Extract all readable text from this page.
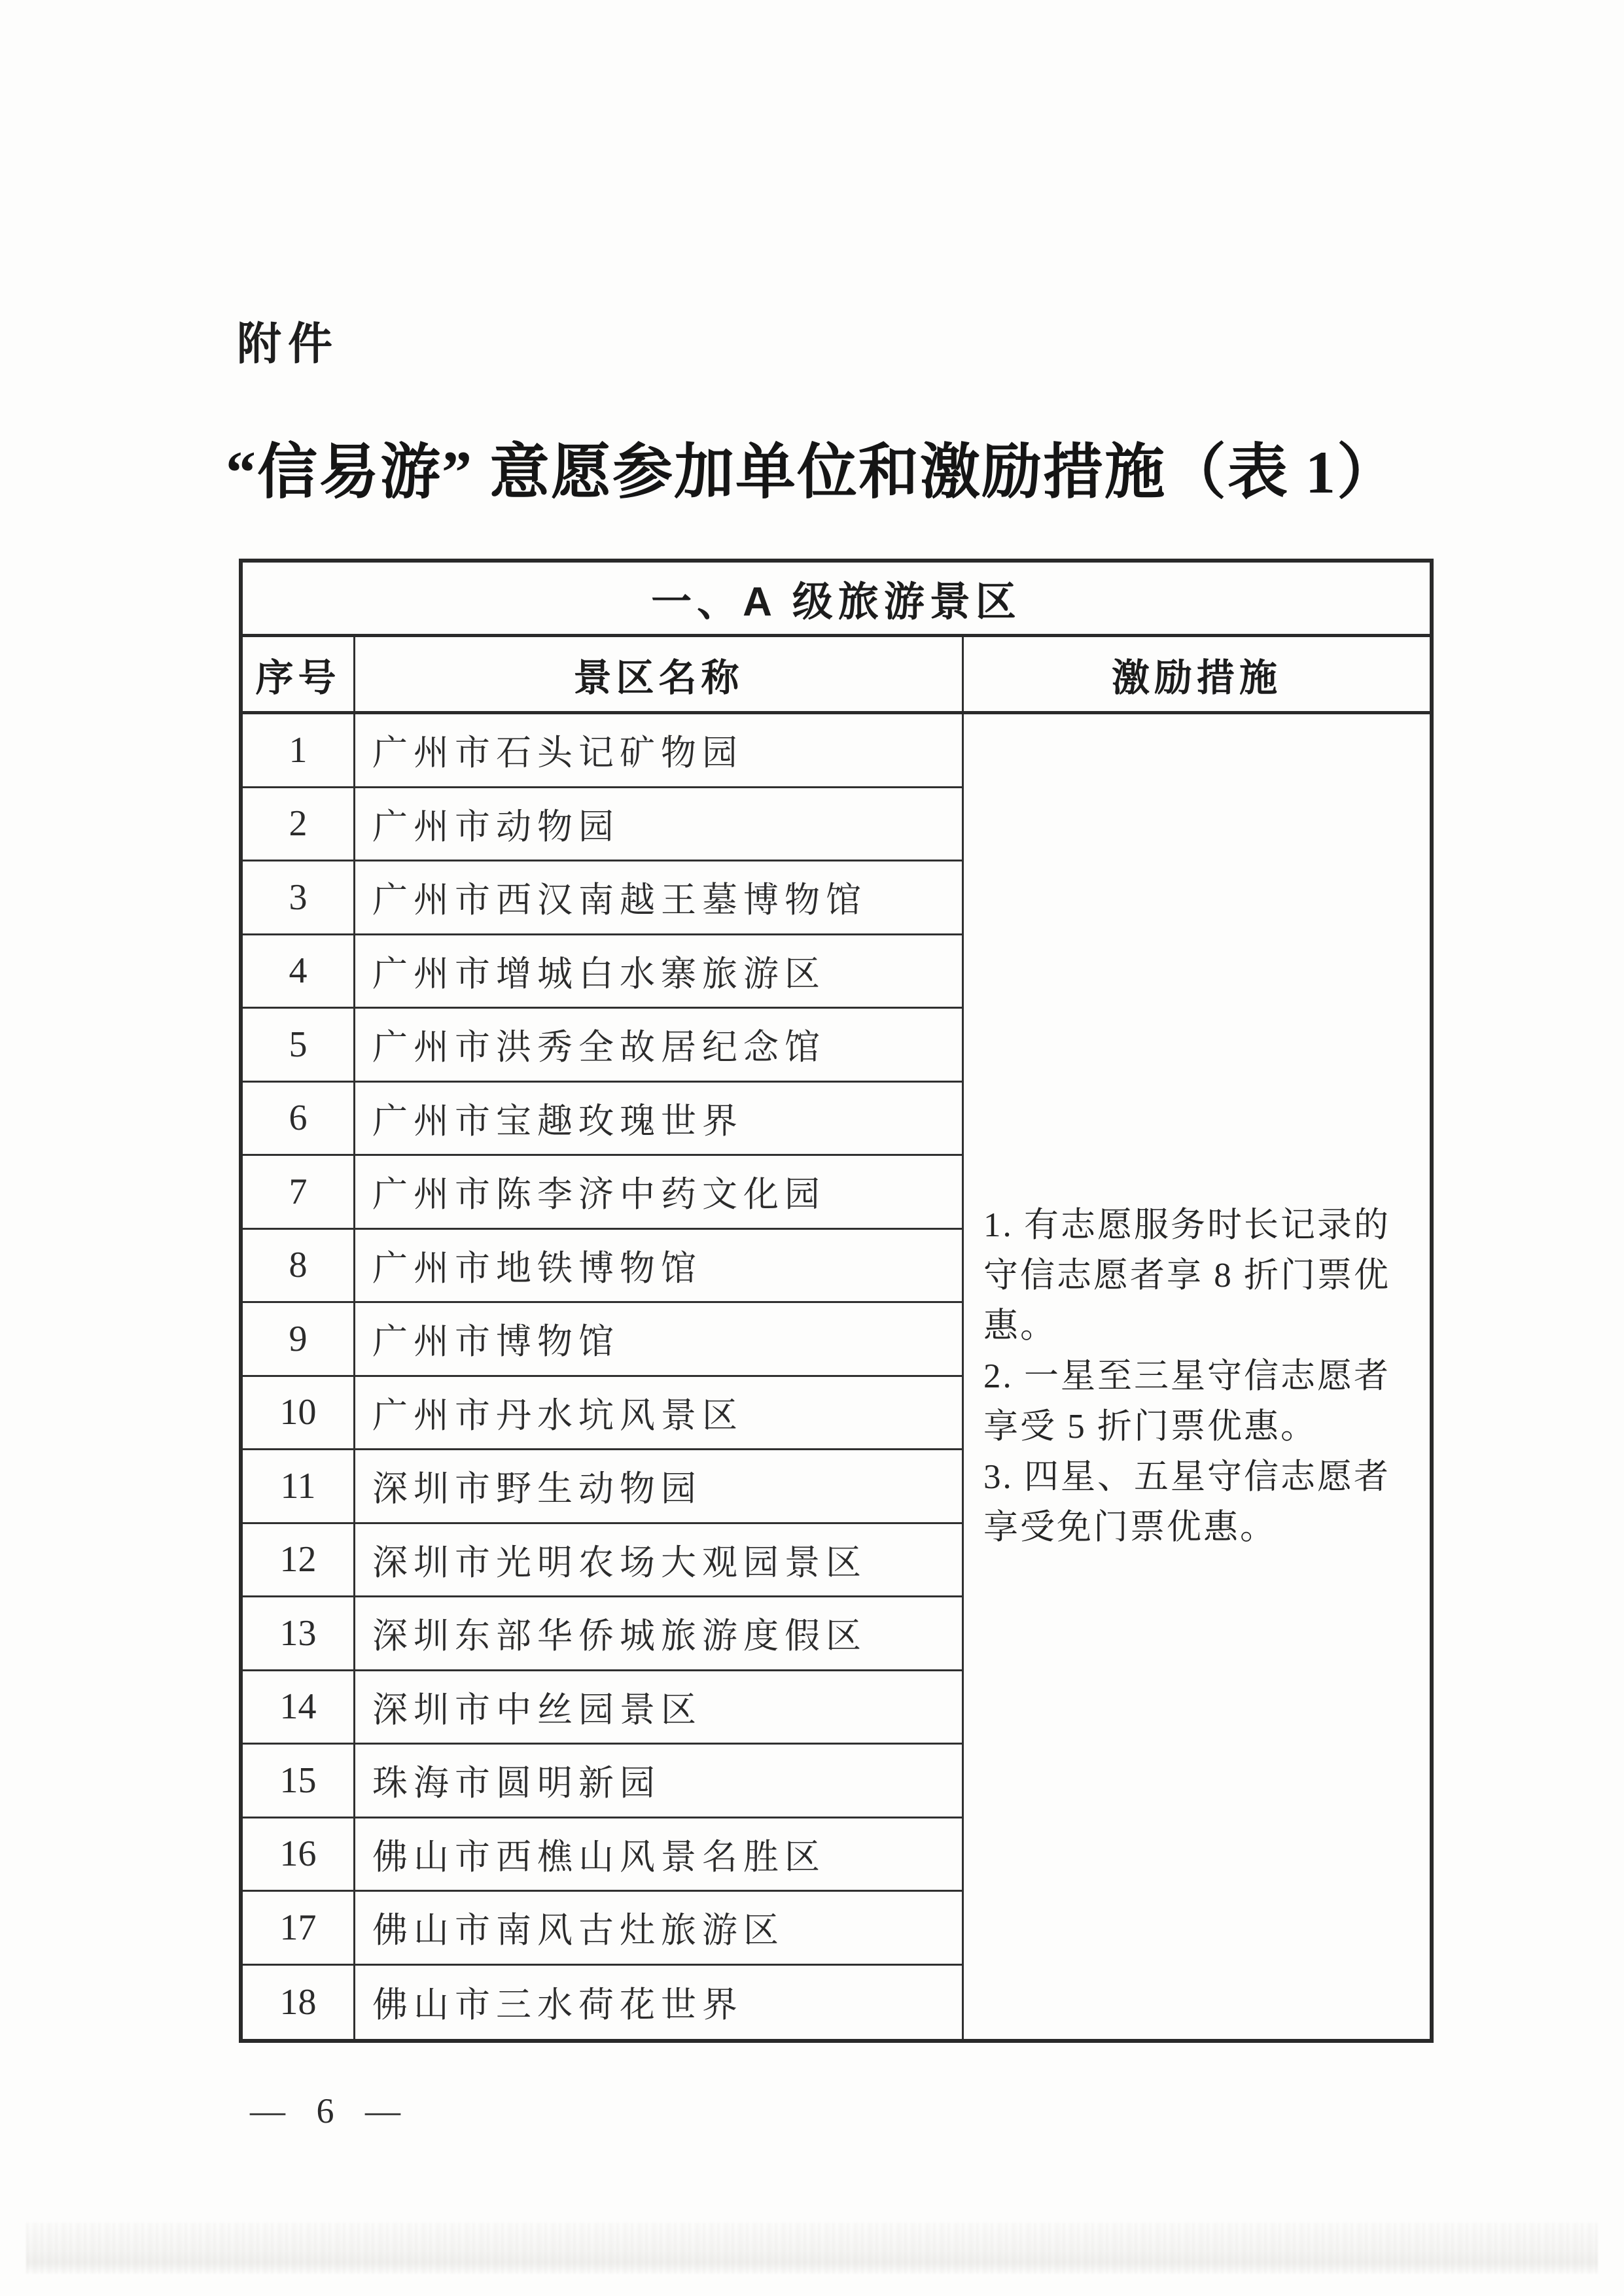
附件
“信易游” 意愿参加单位和激励措施（表 1）
一、A 级旅游景区
序号	景区名称	激励措施
1. 有志愿服务时长记录的守信志愿者享 8 折门票优惠。
2. 一星至三星守信志愿者享受 5 折门票优惠。
3. 四星、五星守信志愿者享受免门票优惠。
1	广州市石头记矿物园
2	广州市动物园
3	广州市西汉南越王墓博物馆
4	广州市增城白水寨旅游区
5	广州市洪秀全故居纪念馆
6	广州市宝趣玫瑰世界
7	广州市陈李济中药文化园
8	广州市地铁博物馆
9	广州市博物馆
10	广州市丹水坑风景区
11	深圳市野生动物园
12	深圳市光明农场大观园景区
13	深圳东部华侨城旅游度假区
14	深圳市中丝园景区
15	珠海市圆明新园
16	佛山市西樵山风景名胜区
17	佛山市南风古灶旅游区
18	佛山市三水荷花世界
— 6 —
